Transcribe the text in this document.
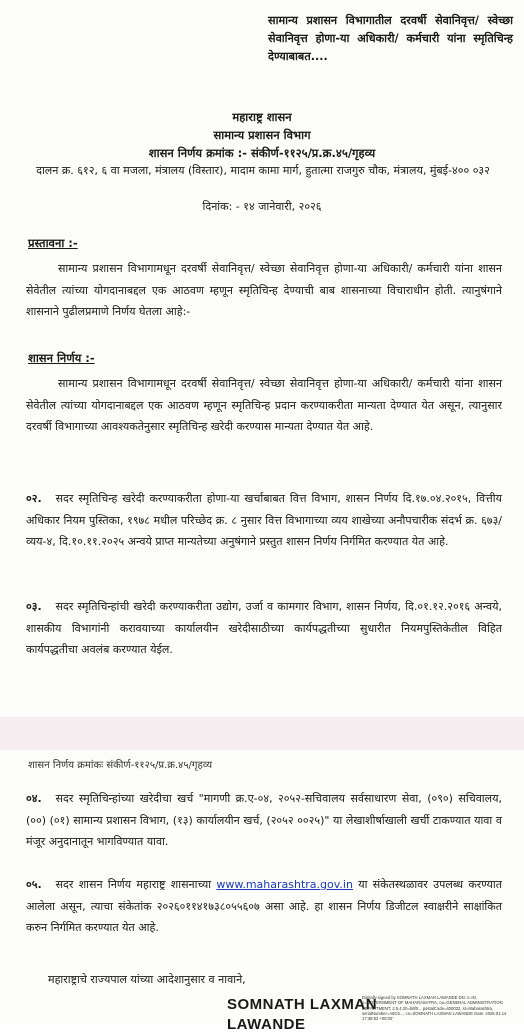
सामान्य प्रशासन विभागातील दरवर्षी सेवानिवृत्त/ स्वेच्छा सेवानिवृत्त होणा-या अधिकारी/ कर्मचारी यांना स्मृतिचिन्ह देण्याबाबत....
महाराष्ट्र शासन
सामान्य प्रशासन विभाग
शासन निर्णय क्रमांक :- संकीर्ण-११२५/प्र.क्र.४५/गृहव्य
दालन क्र. ६१२, ६ वा मजला, मंत्रालय (विस्तार), मादाम कामा मार्ग, हुतात्मा राजगुरु चौक, मंत्रालय, मुंबई-४०० ०३२
दिनांक: - १४ जानेवारी, २०२६
प्रस्तावना :-

सामान्य प्रशासन विभागामधून दरवर्षी सेवानिवृत्त/ स्वेच्छा सेवानिवृत्त होणा-या अधिकारी/ कर्मचारी यांना शासन सेवेतील त्यांच्या योगदानाबद्दल एक आठवण म्हणून स्मृतिचिन्ह देण्याची बाब शासनाच्या विचाराधीन होती. त्यानुषंगाने शासनाने पुढीलप्रमाणे निर्णय घेतला आहे:-

शासन निर्णय :-

सामान्य प्रशासन विभागामधून दरवर्षी सेवानिवृत्त/ स्वेच्छा सेवानिवृत्त होणा-या अधिकारी/ कर्मचारी यांना शासन सेवेतील त्यांच्या योगदानाबद्दल एक आठवण म्हणून स्मृतिचिन्ह प्रदान करण्याकरीता मान्यता देण्यात येत असून, त्यानुसार दरवर्षी विभागाच्या आवश्यकतेनुसार स्मृतिचिन्ह खरेदी करण्यास मान्यता देण्यात येत आहे.

०२. सदर स्मृतिचिन्ह खरेदी करण्याकरीता होणा-या खर्चाबाबत वित्त विभाग, शासन निर्णय दि.१७.०४.२०१५, वित्तीय अधिकार नियम पुस्तिका, १९७८ मधील परिच्छेद क्र. ८ नुसार वित्त विभागाच्या व्यय शाखेच्या अनौपचारीक संदर्भ क्र. ६७३/व्यय-४, दि.१०.११.२०२५ अन्वये प्राप्त मान्यतेच्या अनुषंगाने प्रस्तुत शासन निर्णय निर्गमित करण्यात येत आहे.

०३. सदर स्मृतिचिन्हांची खरेदी करण्याकरीता उद्योग, उर्जा व कामगार विभाग, शासन निर्णय, दि.०१.१२.२०१६ अन्वये, शासकीय विभागांनी करावयाच्या कार्यालयीन खरेदीसाठीच्या कार्यपद्धतीच्या सुधारीत नियमपुस्तिकेतील विहित कार्यपद्धतीचा अवलंब करण्यात येईल.

शासन निर्णय क्रमांकः संकीर्ण-११२५/प्र.क्र.४५/गृहव्य

०४. सदर स्मृतिचिन्हांच्या खरेदीचा खर्च "मागणी क्र.ए-०४, २०५२-सचिवालय सर्वसाधारण सेवा, (०९०) सचिवालय, (००) (०१) सामान्य प्रशासन विभाग, (१३) कार्यालयीन खर्च, (२०५२ ००२५)" या लेखाशीर्षाखाली खर्ची टाकण्यात यावा व मंजूर अनुदानातून भागविण्यात यावा.

०५. सदर शासन निर्णय महाराष्ट्र शासनाच्या www.maharashtra.gov.in या संकेतस्थळावर उपलब्ध करण्यात आलेला असून, त्याचा संकेतांक २०२६०११४१७३८०५५६०७ असा आहे. हा शासन निर्णय डिजीटल स्वाक्षरीने साक्षांकित करुन निर्गमित करण्यात येत आहे.

महाराष्ट्राचे राज्यपाल यांच्या आदेशानुसार व नावाने,
SOMNATH LAXMAN
LAWANDE
Digitally signed by SOMNATH LAXMAN LAWANDE DN: c=IN, o=GOVERNMENT OF MAHARASHTRA, ou=GENERAL ADMINISTRATION DEPARTMENT, 2.5.4.20=b6f0... postalCode=400032, st=Maharashtra, serialNumber=A6C5..., cn=SOMNATH LAXMAN LAWANDE Date: 2026.01.14 17:38:52 +05'30'
